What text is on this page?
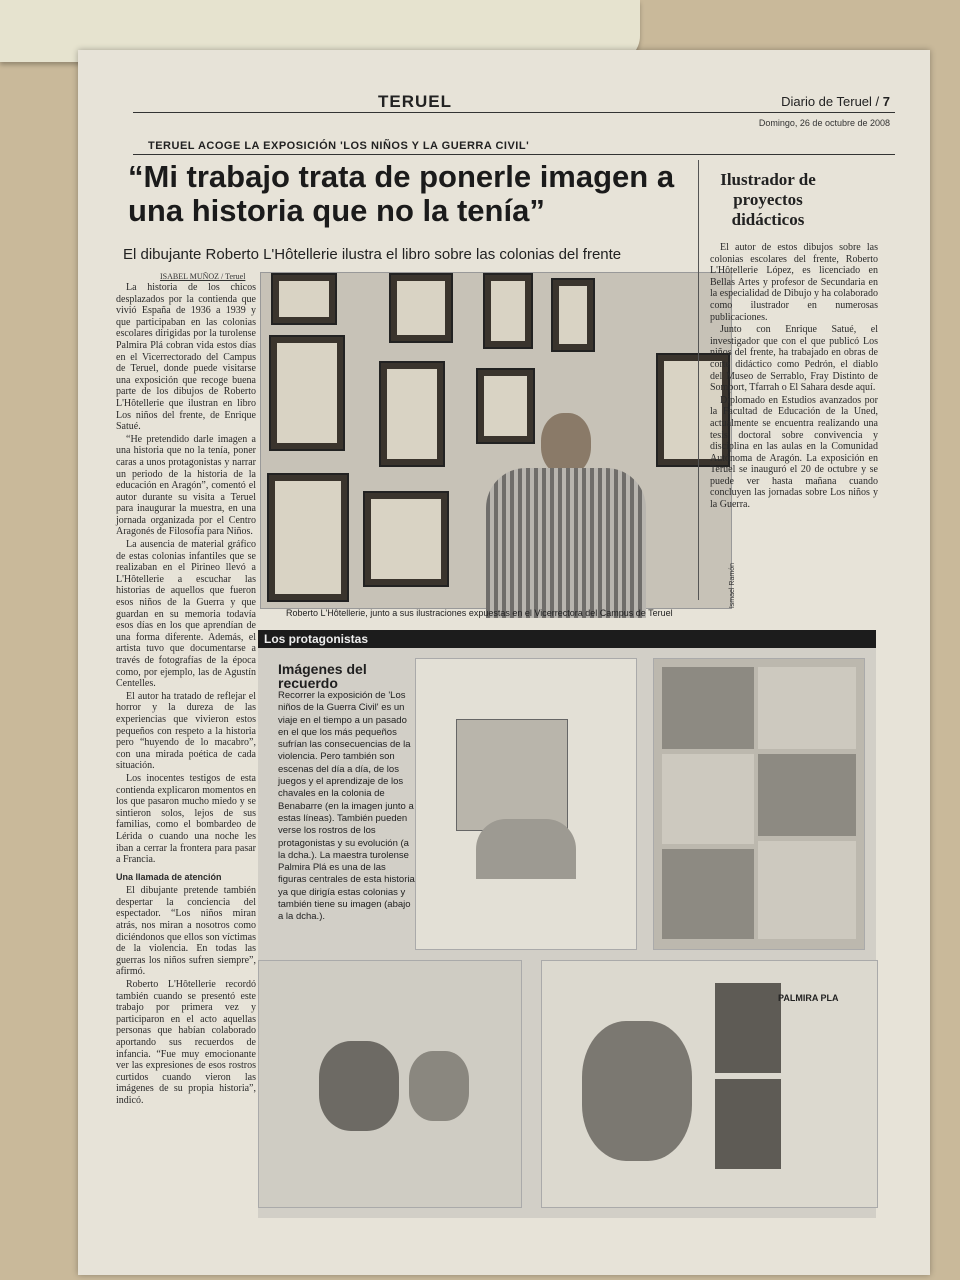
TERUEL	Diario de Teruel / 7
Domingo, 26 de octubre de 2008
TERUEL ACOGE LA EXPOSICIÓN 'LOS NIÑOS Y LA GUERRA CIVIL'
“Mi trabajo trata de ponerle imagen a una historia que no la tenía”
El dibujante Roberto L'Hôtellerie ilustra el libro sobre las colonias del frente
ISABEL MUÑOZ / Teruel

La historia de los chicos desplazados por la contienda que vivió España de 1936 a 1939 y que participaban en las colonias escolares dirigidas por la turolense Palmira Plá cobran vida estos días en el Vicerrectorado del Campus de Teruel, donde puede visitarse una exposición que recoge buena parte de los dibujos de Roberto L'Hôtellerie que ilustran en libro Los niños del frente, de Enrique Satué.

“He pretendido darle imagen a una historia que no la tenía, poner caras a unos protagonistas y narrar un periodo de la historia de la educación en Aragón”, comentó el autor durante su visita a Teruel para inaugurar la muestra, en una jornada organizada por el Centro Aragonés de Filosofía para Niños.

La ausencia de material gráfico de estas colonias infantiles que se realizaban en el Pirineo llevó a L'Hôtellerie a escuchar las historias de aquellos que fueron esos niños de la Guerra y que guardan en su memoria todavía esos días en los que aprendían de una forma diferente. Además, el artista tuvo que documentarse a través de fotografías de la época como, por ejemplo, las de Agustín Centelles.

El autor ha tratado de reflejar el horror y la dureza de las experiencias que vivieron estos pequeños con respeto a la historia pero “huyendo de lo macabro”, con una mirada poética de cada situación.

Los inocentes testigos de esta contienda explicaron momentos en los que pasaron mucho miedo y se sintieron solos, lejos de sus familias, como el bombardeo de Lérida o cuando una noche les iban a cerrar la frontera para pasar a Francia.

Una llamada de atención

El dibujante pretende también despertar la conciencia del espectador. “Los niños miran atrás, nos miran a nosotros como diciéndonos que ellos son víctimas de la violencia. En todas las guerras los niños sufren siempre”, afirmó.

Roberto L'Hôtellerie recordó también cuando se presentó este trabajo por primera vez y participaron en el acto aquellas personas que habían colaborado aportando sus recuerdos de infancia. “Fue muy emocionante ver las expresiones de esos rostros curtidos cuando vieron las imágenes de su propia historia”, indicó.

Ismael Ramón
Roberto L'Hôtellerie, junto a sus ilustraciones expuestas en el Vicerrectora del Campus de Teruel
Ilustrador de proyectos didácticos

El autor de estos dibujos sobre las colonias escolares del frente, Roberto L'Hôtellerie López, es licenciado en Bellas Artes y profesor de Secundaria en la especialidad de Dibujo y ha colaborado como ilustrador en numerosas publicaciones.

Junto con Enrique Satué, el investigador que con el que publicó Los niños del frente, ha trabajado en obras de corte didáctico como Pedrón, el diablo del Museo de Serrablo, Fray Distinto de Somport, Tfarrah o El Sahara desde aquí.

Diplomado en Estudios avanzados por la Facultad de Educación de la Uned, actualmente se encuentra realizando una tesis doctoral sobre convivencia y disciplina en las aulas en la Comunidad Autónoma de Aragón. La exposición en Teruel se inauguró el 20 de octubre y se puede ver hasta mañana cuando concluyen las jornadas sobre Los niños y la Guerra.

Los protagonistas
Imágenes del recuerdo
Recorrer la exposición de 'Los niños de la Guerra Civil' es un viaje en el tiempo a un pasado en el que los más pequeños sufrían las consecuencias de la violencia. Pero también son escenas del día a día, de los juegos y el aprendizaje de los chavales en la colonia de Benabarre (en la imagen junto a estas líneas). También pueden verse los rostros de los protagonistas y su evolución (a la dcha.). La maestra turolense Palmira Plá es una de las figuras centrales de esta historia ya que dirigía estas colonias y también tiene su imagen (abajo a la dcha.).
PALMIRA PLA
